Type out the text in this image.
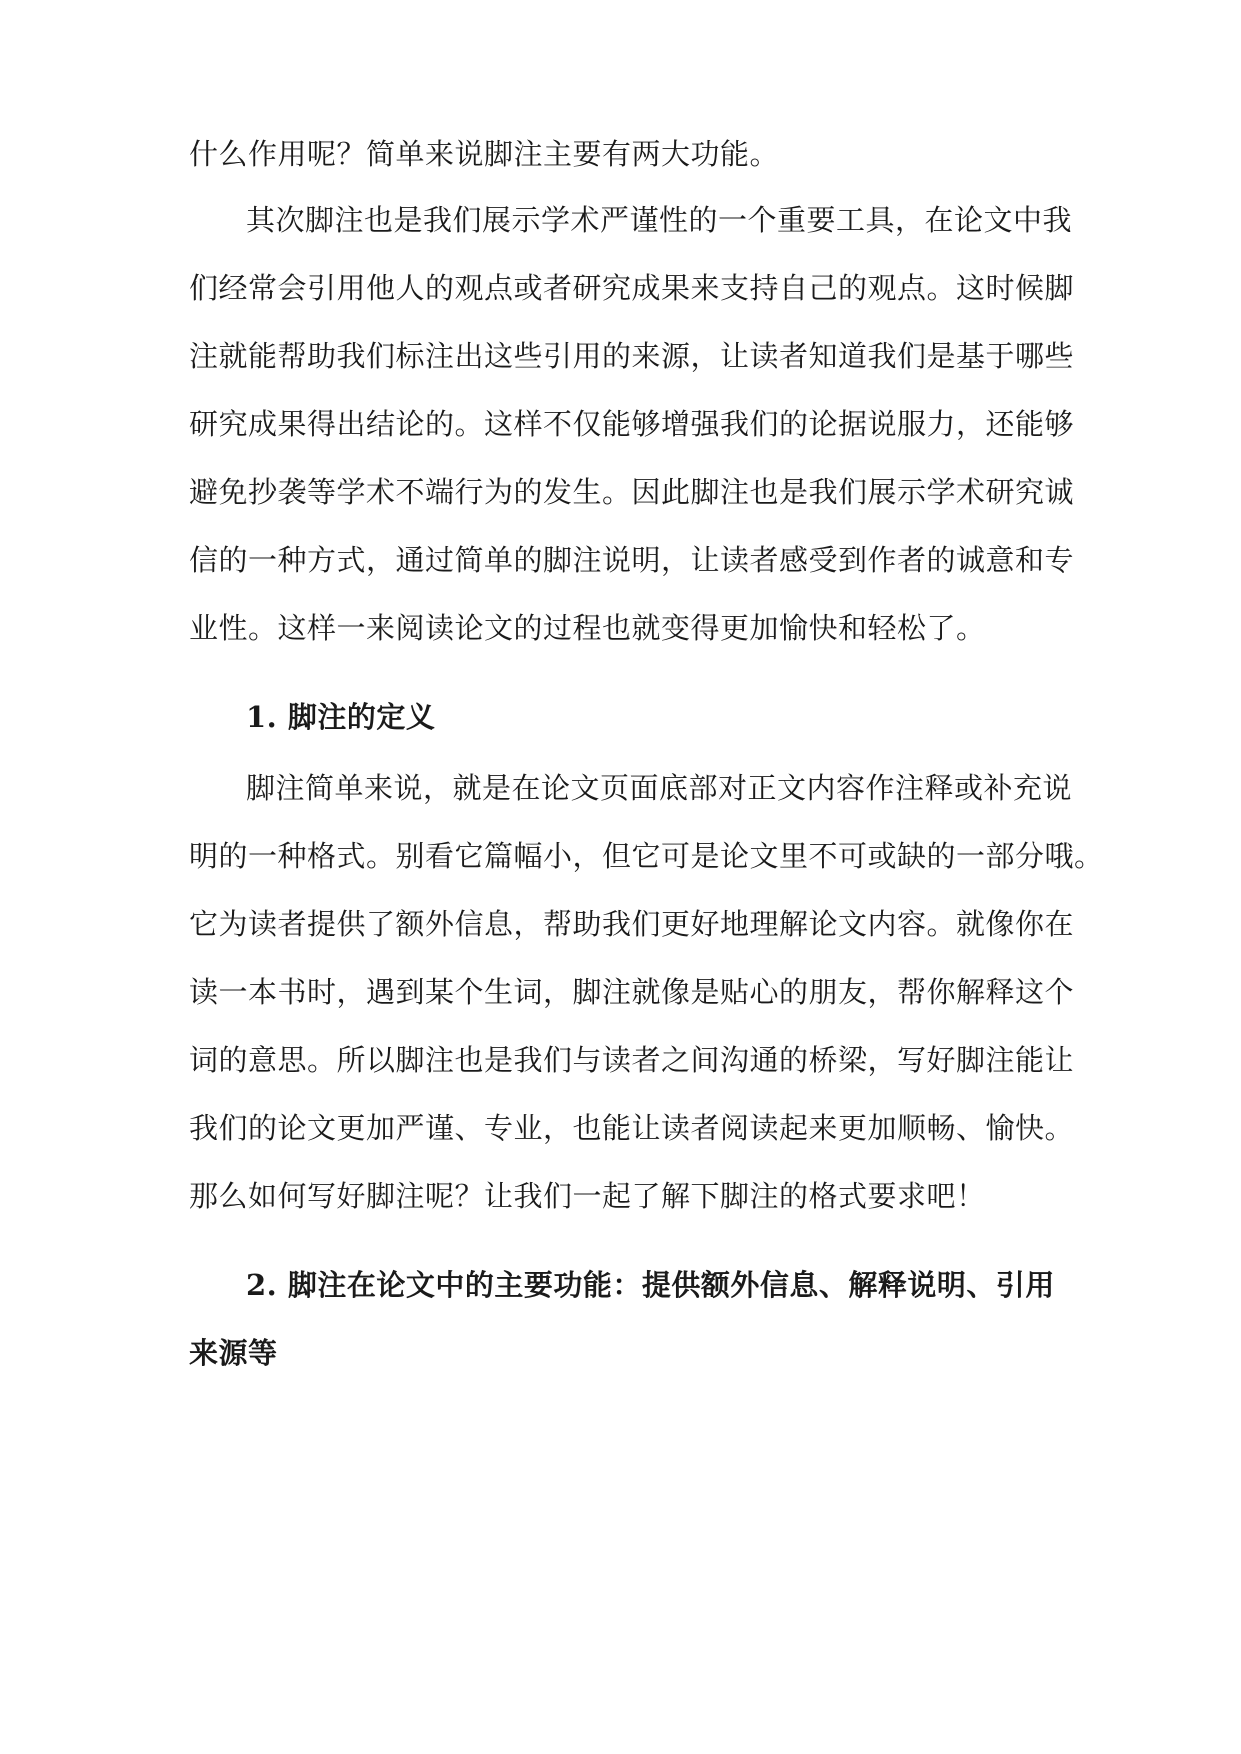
什么作用呢？简单来说脚注主要有两大功能。
其次脚注也是我们展示学术严谨性的一个重要工具，在论文中我
们经常会引用他人的观点或者研究成果来支持自己的观点。这时候脚
注就能帮助我们标注出这些引用的来源，让读者知道我们是基于哪些
研究成果得出结论的。这样不仅能够增强我们的论据说服力，还能够
避免抄袭等学术不端行为的发生。因此脚注也是我们展示学术研究诚
信的一种方式，通过简单的脚注说明，让读者感受到作者的诚意和专
业性。这样一来阅读论文的过程也就变得更加愉快和轻松了。
1. 脚注的定义
脚注简单来说，就是在论文页面底部对正文内容作注释或补充说
明的一种格式。别看它篇幅小，但它可是论文里不可或缺的一部分哦。
它为读者提供了额外信息，帮助我们更好地理解论文内容。就像你在
读一本书时，遇到某个生词，脚注就像是贴心的朋友，帮你解释这个
词的意思。所以脚注也是我们与读者之间沟通的桥梁，写好脚注能让
我们的论文更加严谨、专业，也能让读者阅读起来更加顺畅、愉快。
那么如何写好脚注呢？让我们一起了解下脚注的格式要求吧！
2. 脚注在论文中的主要功能：提供额外信息、解释说明、引用
来源等
